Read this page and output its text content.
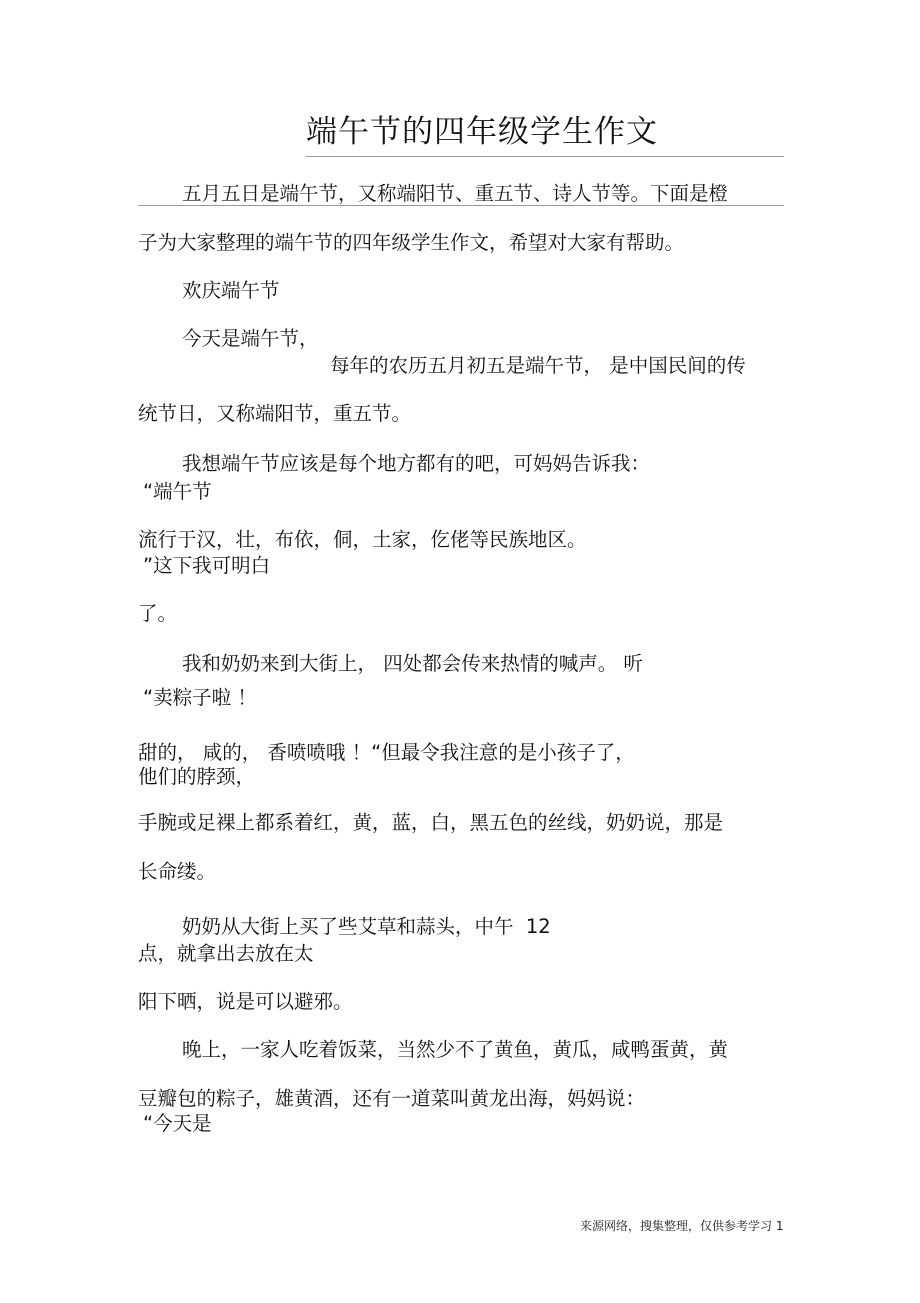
端午节的四年级学生作文
五月五日是端午节，又称端阳节、重五节、诗人节等。下面是橙
子为大家整理的端午节的四年级学生作文，希望对大家有帮助。
欢庆端午节
今天是端午节，
每年的农历五月初五是端午节， 是中国民间的传
统节日，又称端阳节，重五节。
我想端午节应该是每个地方都有的吧，可妈妈告诉我：
“端午节
流行于汉，壮，布依，侗，土家，仡佬等民族地区。
”这下我可明白
了。
我和奶奶来到大街上， 四处都会传来热情的喊声。 听
“卖粽子啦 ！
甜的， 咸的， 香喷喷哦 ！“但最令我注意的是小孩子了，
他们的脖颈，
手腕或足裸上都系着红，黄，蓝，白，黑五色的丝线，奶奶说，那是
长命缕。
奶奶从大街上买了些艾草和蒜头，中午  12
点，就拿出去放在太
阳下晒，说是可以避邪。
晚上，一家人吃着饭菜，当然少不了黄鱼，黄瓜，咸鸭蛋黄，黄
豆瓣包的粽子，雄黄酒，还有一道菜叫黄龙出海，妈妈说：
“今天是
来源网络，搜集整理，仅供参考学习 1
